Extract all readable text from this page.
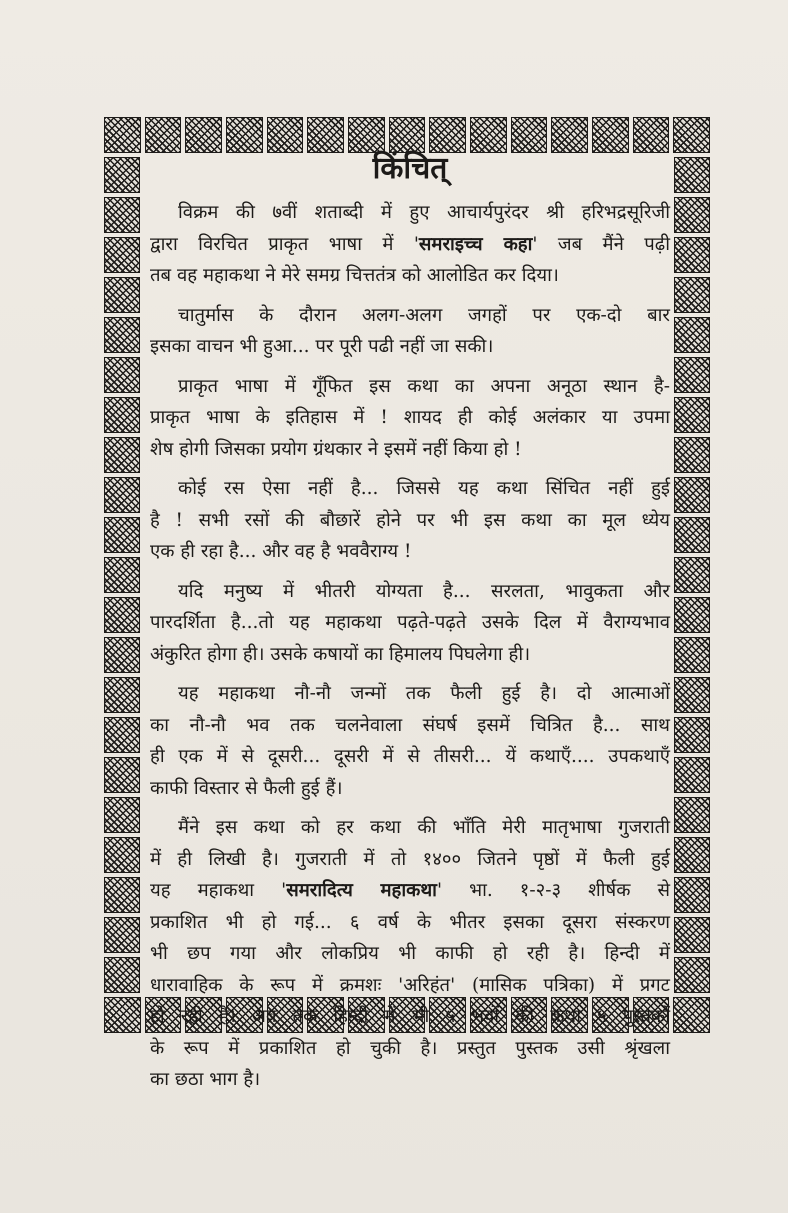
किंचित्
विक्रम की ७वीं शताब्दी में हुए आचार्यपुरंदर श्री हरिभद्रसूरिजी
द्वारा विरचित प्राकृत भाषा में 'समराइच्च कहा' जब मैंने पढ़ी
तब वह महाकथा ने मेरे समग्र चित्ततंत्र को आलोडित कर दिया।
चातुर्मास के दौरान अलग-अलग जगहों पर एक-दो बार
इसका वाचन भी हुआ... पर पूरी पढी नहीं जा सकी।
प्राकृत भाषा में गूँफित इस कथा का अपना अनूठा स्थान है-
प्राकृत भाषा के इतिहास में ! शायद ही कोई अलंकार या उपमा
शेष होगी जिसका प्रयोग ग्रंथकार ने इसमें नहीं किया हो !
कोई रस ऐसा नहीं है... जिससे यह कथा सिंचित नहीं हुई
है ! सभी रसों की बौछारें होने पर भी इस कथा का मूल ध्येय
एक ही रहा है... और वह है भववैराग्य !
यदि मनुष्य में भीतरी योग्यता है... सरलता, भावुकता और
पारदर्शिता है...तो यह महाकथा पढ़ते-पढ़ते उसके दिल में वैराग्यभाव
अंकुरित होगा ही। उसके कषायों का हिमालय पिघलेगा ही।
यह महाकथा नौ-नौ जन्मों तक फैली हुई है। दो आत्माओं
का नौ-नौ भव तक चलनेवाला संघर्ष इसमें चित्रित है... साथ
ही एक में से दूसरी... दूसरी में से तीसरी... यें कथाएँ.... उपकथाएँ
काफी विस्तार से फैली हुई हैं।
मैंने इस कथा को हर कथा की भाँति मेरी मातृभाषा गुजराती
में ही लिखी है। गुजराती में तो १४०० जितने पृष्ठों में फैली हुई
यह महाकथा 'समरादित्य महाकथा' भा. १-२-३ शीर्षक से
प्रकाशित भी हो गई... ६ वर्ष के भीतर इसका दूसरा संस्करण
भी छप गया और लोकप्रिय भी काफी हो रही है। हिन्दी में
धारावाहिक के रूप में क्रमशः 'अरिहंत' (मासिक पत्रिका) में प्रगट
हो रही है। अब तक हिन्दी में भी ५ भवों की कथा ५ पुस्तकों
के रूप में प्रकाशित हो चुकी है। प्रस्तुत पुस्तक उसी श्रृंखला
का छठा भाग है।
